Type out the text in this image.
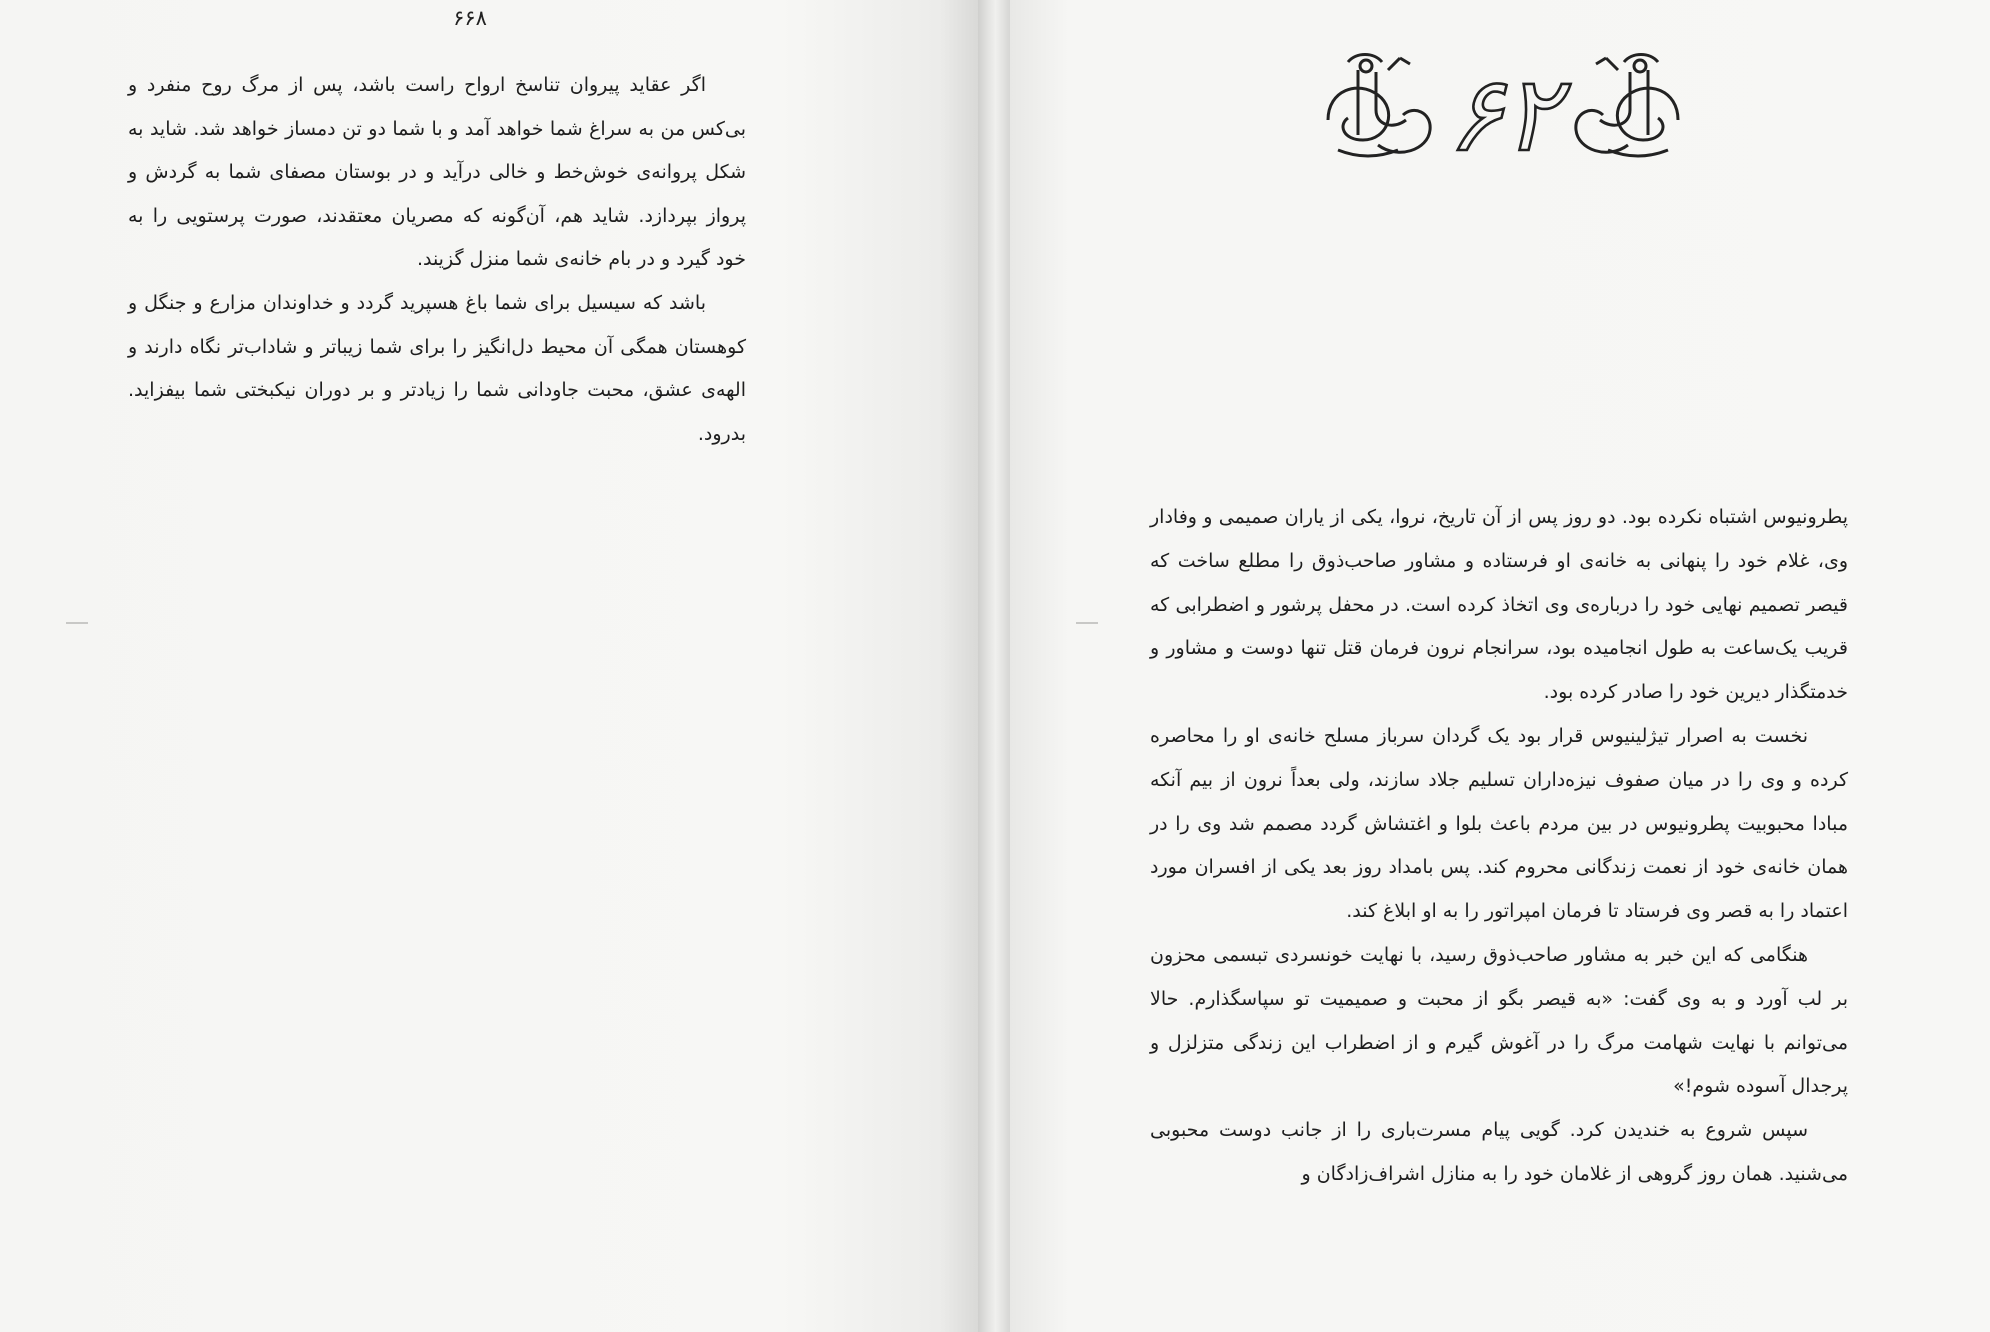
۶۶۸

اگر عقاید پیروان تناسخ ارواح راست باشد، پس از مرگ روح منفرد و بی‌کس من به سراغ شما خواهد آمد و با شما دو تن دمساز خواهد شد. شاید به شکل پروانه‌ی خوش‌خط و خالی درآید و در بوستان مصفای شما به گردش و پرواز بپردازد. شاید هم، آن‌گونه که مصریان معتقدند، صورت پرستویی را به خود گیرد و در بام خانه‌ی شما منزل گزیند.

باشد که سیسیل برای شما باغ هسپرید گردد و خداوندان مزارع و جنگل و کوهستان همگی آن محیط دل‌انگیز را برای شما زیباتر و شاداب‌تر نگاه دارند و الهه‌ی عشق، محبت جاودانی شما را زیادتر و بر دوران نیکبختی شما بیفزاید. بدرود.

۶۲

پطرونیوس اشتباه نکرده بود. دو روز پس از آن تاریخ، نروا، یکی از یاران صمیمی و وفادار وی، غلام خود را پنهانی به خانه‌ی او فرستاده و مشاور صاحب‌ذوق را مطلع ساخت که قیصر تصمیم نهایی خود را درباره‌ی وی اتخاذ کرده است. در محفل پرشور و اضطرابی که قریب یک‌ساعت به طول انجامیده بود، سرانجام نرون فرمان قتل تنها دوست و مشاور و خدمتگذار دیرین خود را صادر کرده بود.

نخست به اصرار تیژلینیوس قرار بود یک گردان سرباز مسلح خانه‌ی او را محاصره کرده و وی را در میان صفوف نیزه‌داران تسلیم جلاد سازند، ولی بعداً نرون از بیم آنکه مبادا محبوبیت پطرونیوس در بین مردم باعث بلوا و اغتشاش گردد مصمم شد وی را در همان خانه‌ی خود از نعمت زندگانی محروم کند. پس بامداد روز بعد یکی از افسران مورد اعتماد را به قصر وی فرستاد تا فرمان امپراتور را به او ابلاغ کند.

هنگامی که این خبر به مشاور صاحب‌ذوق رسید، با نهایت خونسردی تبسمی محزون بر لب آورد و به وی گفت: «به قیصر بگو از محبت و صمیمیت تو سپاسگذارم. حالا می‌توانم با نهایت شهامت مرگ را در آغوش گیرم و از اضطراب این زندگی متزلزل و پرجدال آسوده شوم!»

سپس شروع به خندیدن کرد. گویی پیام مسرت‌باری را از جانب دوست محبوبی می‌شنید. همان روز گروهی از غلامان خود را به منازل اشراف‌زادگان و
